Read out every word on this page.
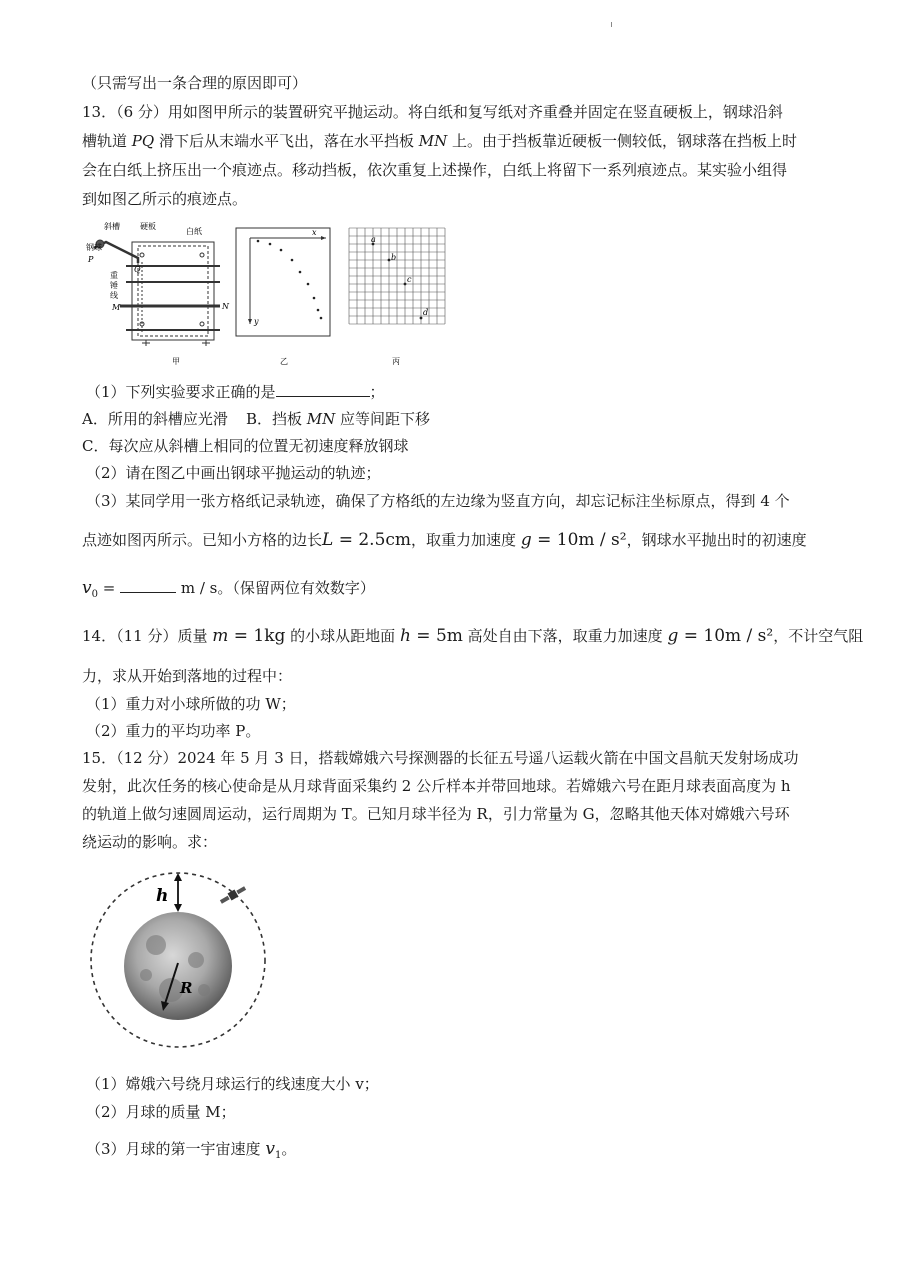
（只需写出一条合理的原因即可）
13．（6 分）用如图甲所示的装置研究平抛运动。将白纸和复写纸对齐重叠并固定在竖直硬板上，钢球沿斜
槽轨道 PQ 滑下后从末端水平飞出，落在水平挡板 MN 上。由于挡板靠近硬板一侧较低，钢球落在挡板上时
会在白纸上挤压出一个痕迹点。移动挡板，依次重复上述操作，白纸上将留下一系列痕迹点。某实验小组得
到如图乙所示的痕迹点。
斜槽	硬板
白纸
钢球
P
Q
重
锤
线
M	N
甲
x
y
乙
a
b
c
d
丙
（1）下列实验要求正确的是	；
A．所用的斜槽应光滑 B．挡板 MN 应等间距下移
C．每次应从斜槽上相同的位置无初速度释放钢球
（2）请在图乙中画出钢球平抛运动的轨迹；
（3）某同学用一张方格纸记录轨迹，确保了方格纸的左边缘为竖直方向，却忘记标注坐标原点，得到 4 个
点迹如图丙所示。已知小方格的边长L = 2.5cm，取重力加速度 g = 10m / s²，钢球水平抛出时的初速度
$v_0$ =	m / s。（保留两位有效数字）
14．（11 分）质量 m = 1kg 的小球从距地面 h = 5m 高处自由下落，取重力加速度 g = 10m / s²，不计空气阻
力，求从开始到落地的过程中：
（1）重力对小球所做的功 W；
（2）重力的平均功率 P。
15．（12 分）2024 年 5 月 3 日，搭载嫦娥六号探测器的长征五号遥八运载火箭在中国文昌航天发射场成功
发射，此次任务的核心使命是从月球背面采集约 2 公斤样本并带回地球。若嫦娥六号在距月球表面高度为 h
的轨道上做匀速圆周运动，运行周期为 T。已知月球半径为 R，引力常量为 G，忽略其他天体对嫦娥六号环
绕运动的影响。求：
h
R
（1）嫦娥六号绕月球运行的线速度大小 v；
（2）月球的质量 M；
（3）月球的第一宇宙速度 $v_1$。
